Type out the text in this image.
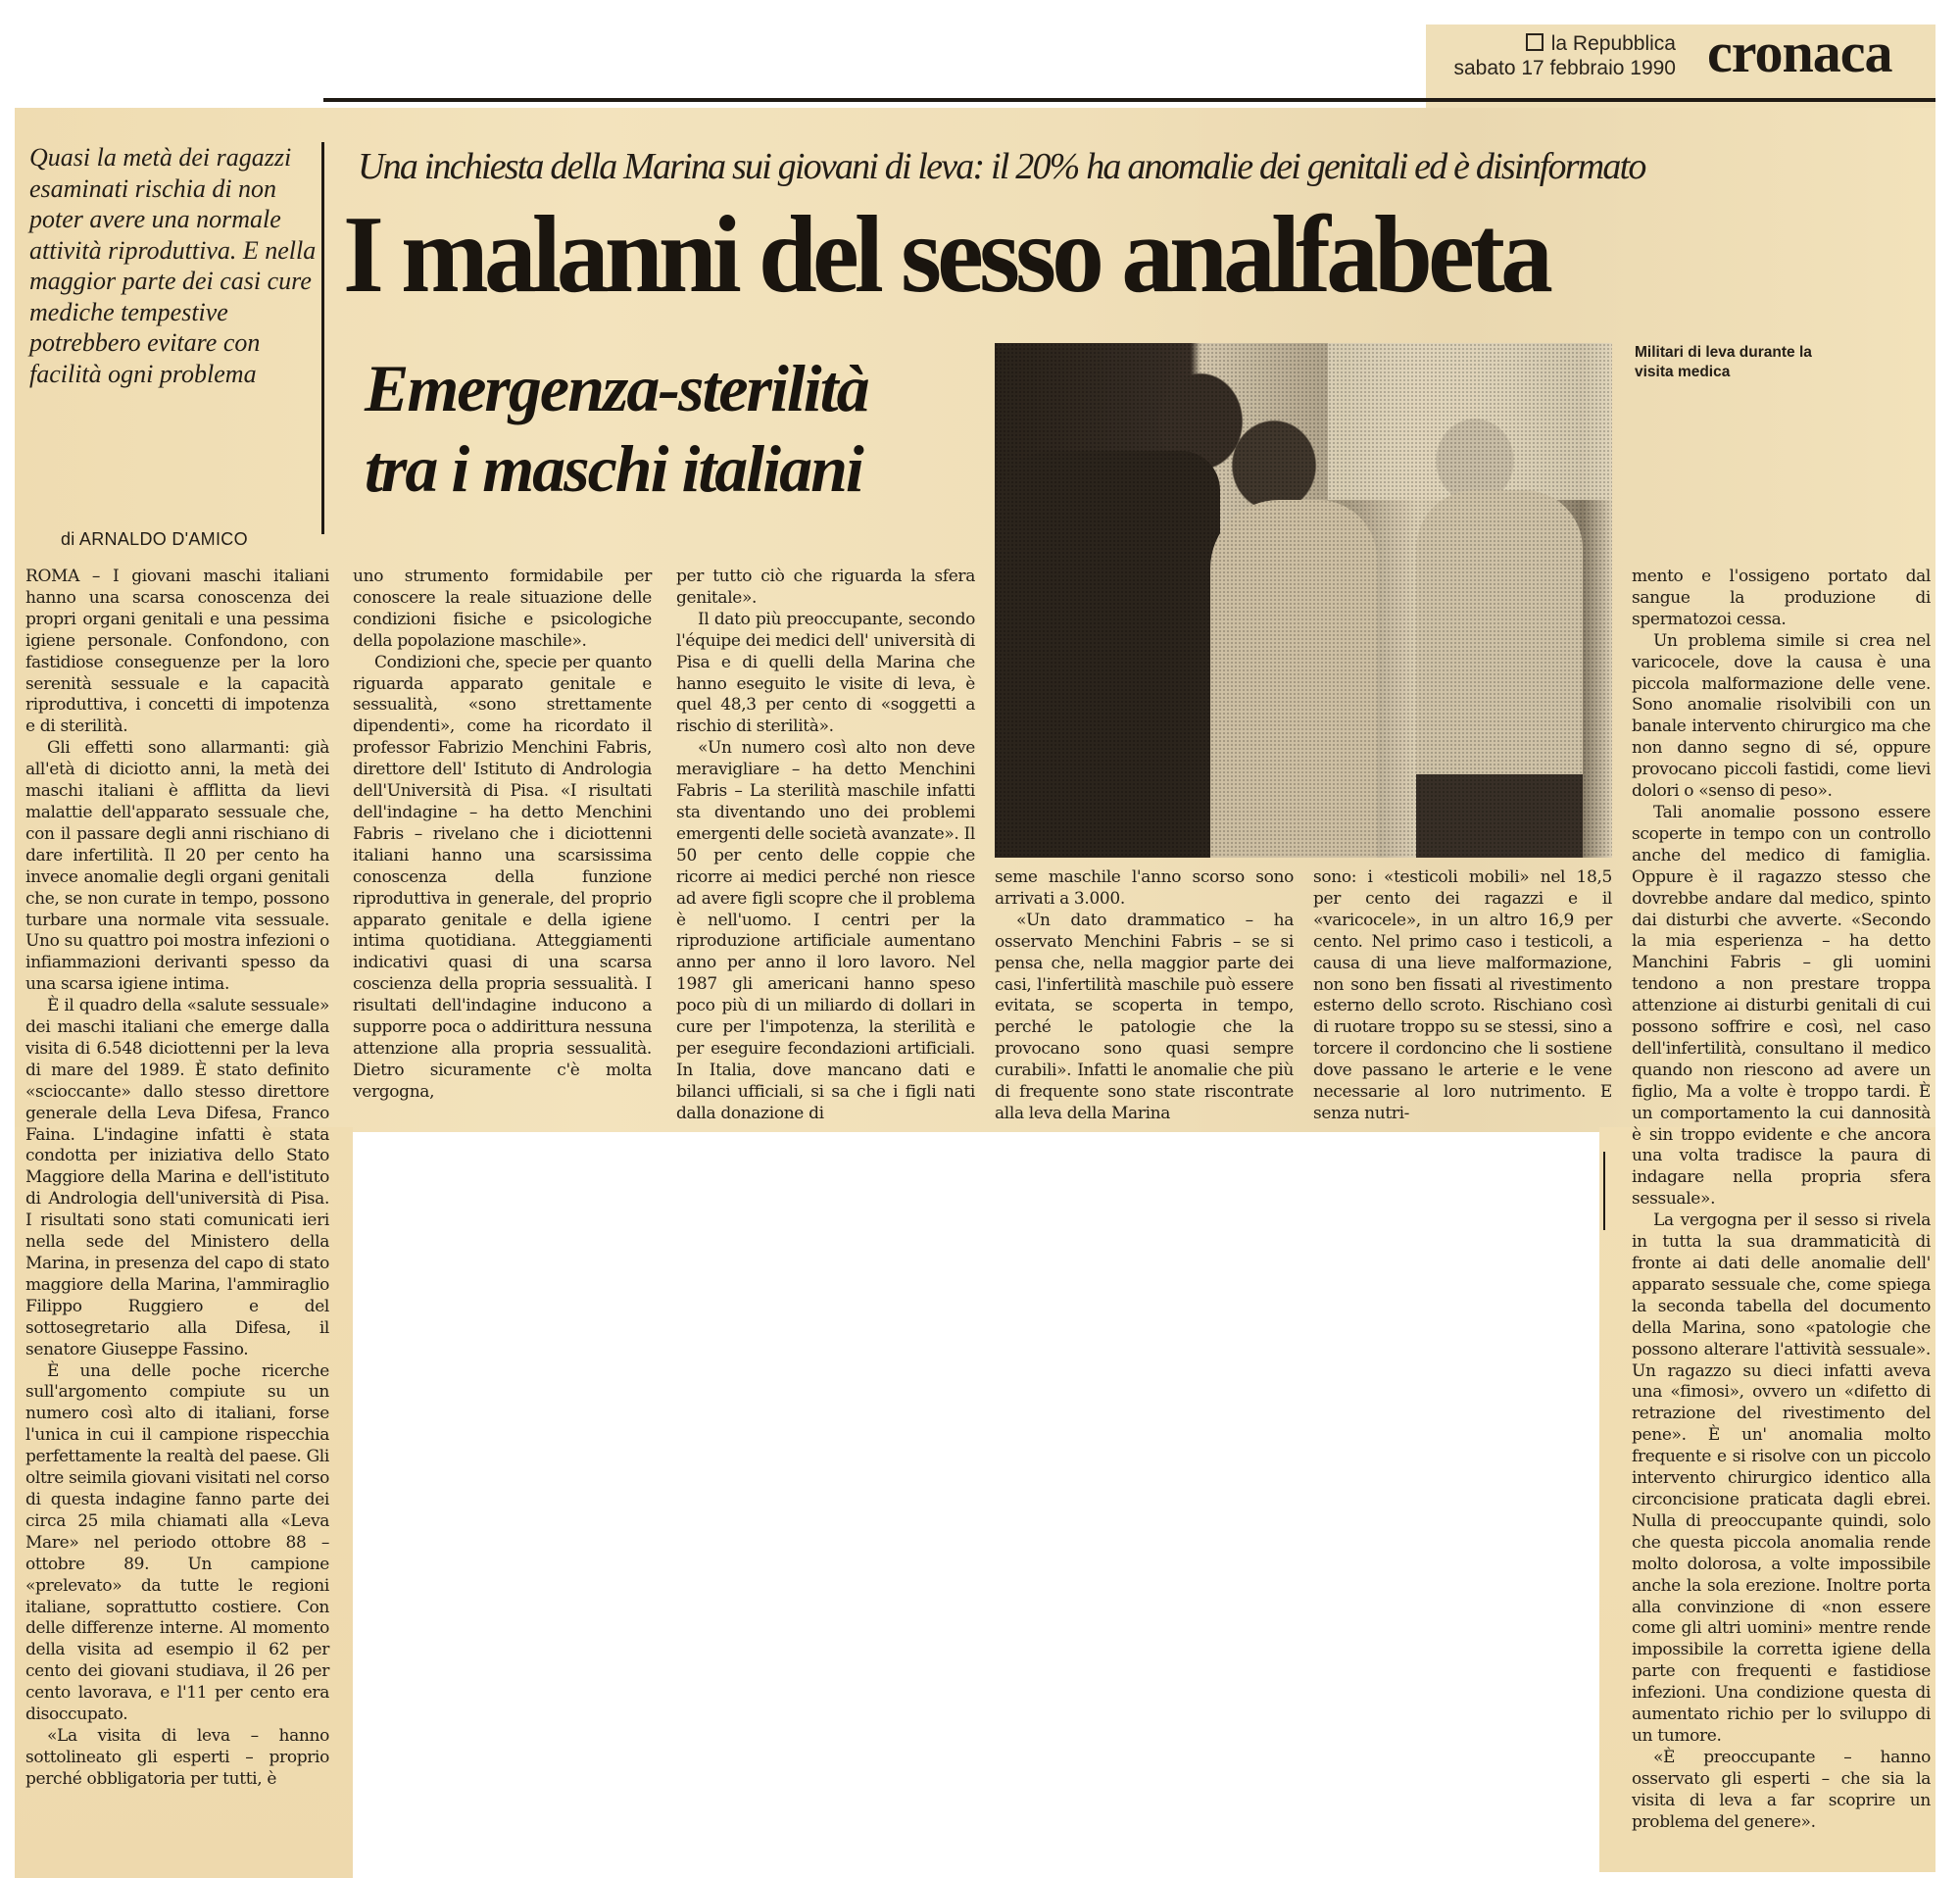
la Repubblica
sabato 17 febbraio 1990 cronaca
Quasi la metà dei ragazzi esaminati rischia di non poter avere una normale attività riproduttiva. E nella maggior parte dei casi cure mediche tempestive potrebbero evitare con facilità ogni problema
Una inchiesta della Marina sui giovani di leva: il 20% ha anomalie dei genitali ed è disinformato
I malanni del sesso analfabeta
Emergenza-sterilità
tra i maschi italiani
di ARNALDO D'AMICO
Militari di leva durante la visita medica

ROMA – I giovani maschi italiani hanno una scarsa conoscenza dei propri organi genitali e una pessima igiene personale. Confondono, con fastidiose conseguenze per la loro serenità sessuale e la capacità riproduttiva, i concetti di impotenza e di sterilità.

Gli effetti sono allarmanti: già all'età di diciotto anni, la metà dei maschi italiani è afflitta da lievi malattie dell'apparato sessuale che, con il passare degli anni rischiano di dare infertilità. Il 20 per cento ha invece anomalie degli organi genitali che, se non curate in tempo, possono turbare una normale vita sessuale. Uno su quattro poi mostra infezioni o infiammazioni derivanti spesso da una scarsa igiene intima.

È il quadro della «salute sessuale» dei maschi italiani che emerge dalla visita di 6.548 diciottenni per la leva di mare del 1989. È stato definito «scioccante» dallo stesso direttore generale della Leva Difesa, Franco Faina. L'indagine infatti è stata condotta per iniziativa dello Stato Maggiore della Marina e dell'istituto di Andrologia dell'università di Pisa. I risultati sono stati comunicati ieri nella sede del Ministero della Marina, in presenza del capo di stato maggiore della Marina, l'ammiraglio Filippo Ruggiero e del sottosegretario alla Difesa, il senatore Giuseppe Fassino.

È una delle poche ricerche sull'argomento compiute su un numero così alto di italiani, forse l'unica in cui il campione rispecchia perfettamente la realtà del paese. Gli oltre seimila giovani visitati nel corso di questa indagine fanno parte dei circa 25 mila chiamati alla «Leva Mare» nel periodo ottobre 88 – ottobre 89. Un campione «prelevato» da tutte le regioni italiane, soprattutto costiere. Con delle differenze interne. Al momento della visita ad esempio il 62 per cento dei giovani studiava, il 26 per cento lavorava, e l'11 per cento era disoccupato.

«La visita di leva – hanno sottolineato gli esperti – proprio perché obbligatoria per tutti, è

uno strumento formidabile per conoscere la reale situazione delle condizioni fisiche e psicologiche della popolazione maschile».

Condizioni che, specie per quanto riguarda apparato genitale e sessualità, «sono strettamente dipendenti», come ha ricordato il professor Fabrizio Menchini Fabris, direttore dell' Istituto di Andrologia dell'Università di Pisa. «I risultati dell'indagine – ha detto Menchini Fabris – rivelano che i diciottenni italiani hanno una scarsissima conoscenza della funzione riproduttiva in generale, del proprio apparato genitale e della igiene intima quotidiana. Atteggiamenti indicativi quasi di una scarsa coscienza della propria sessualità. I risultati dell'indagine inducono a supporre poca o addirittura nessuna attenzione alla propria sessualità. Dietro sicuramente c'è molta vergogna,

per tutto ciò che riguarda la sfera genitale».

Il dato più preoccupante, secondo l'équipe dei medici dell' università di Pisa e di quelli della Marina che hanno eseguito le visite di leva, è quel 48,3 per cento di «soggetti a rischio di sterilità».

«Un numero così alto non deve meravigliare – ha detto Menchini Fabris – La sterilità maschile infatti sta diventando uno dei problemi emergenti delle società avanzate». Il 50 per cento delle coppie che ricorre ai medici perché non riesce ad avere figli scopre che il problema è nell'uomo. I centri per la riproduzione artificiale aumentano anno per anno il loro lavoro. Nel 1987 gli americani hanno speso poco più di un miliardo di dollari in cure per l'impotenza, la sterilità e per eseguire fecondazioni artificiali. In Italia, dove mancano dati e bilanci ufficiali, si sa che i figli nati dalla donazione di

seme maschile l'anno scorso sono arrivati a 3.000.

«Un dato drammatico – ha osservato Menchini Fabris – se si pensa che, nella maggior parte dei casi, l'infertilità maschile può essere evitata, se scoperta in tempo, perché le patologie che la provocano sono quasi sempre curabili». Infatti le anomalie che più di frequente sono state riscontrate alla leva della Marina

sono: i «testicoli mobili» nel 18,5 per cento dei ragazzi e il «varicocele», in un altro 16,9 per cento. Nel primo caso i testicoli, a causa di una lieve malformazione, non sono ben fissati al rivestimento esterno dello scroto. Rischiano così di ruotare troppo su se stessi, sino a torcere il cordoncino che li sostiene dove passano le arterie e le vene necessarie al loro nutrimento. E senza nutri-

mento e l'ossigeno portato dal sangue la produzione di spermatozoi cessa.

Un problema simile si crea nel varicocele, dove la causa è una piccola malformazione delle vene. Sono anomalie risolvibili con un banale intervento chirurgico ma che non danno segno di sé, oppure provocano piccoli fastidi, come lievi dolori o «senso di peso».

Tali anomalie possono essere scoperte in tempo con un controllo anche del medico di famiglia. Oppure è il ragazzo stesso che dovrebbe andare dal medico, spinto dai disturbi che avverte. «Secondo la mia esperienza – ha detto Manchini Fabris – gli uomini tendono a non prestare troppa attenzione ai disturbi genitali di cui possono soffrire e così, nel caso dell'infertilità, consultano il medico quando non riescono ad avere un figlio, Ma a volte è troppo tardi. È un comportamento la cui dannosità è sin troppo evidente e che ancora una volta tradisce la paura di indagare nella propria sfera sessuale».

La vergogna per il sesso si rivela in tutta la sua drammaticità di fronte ai dati delle anomalie dell' apparato sessuale che, come spiega la seconda tabella del documento della Marina, sono «patologie che possono alterare l'attività sessuale». Un ragazzo su dieci infatti aveva una «fimosi», ovvero un «difetto di retrazione del rivestimento del pene». È un' anomalia molto frequente e si risolve con un piccolo intervento chirurgico identico alla circoncisione praticata dagli ebrei. Nulla di preoccupante quindi, solo che questa piccola anomalia rende molto dolorosa, a volte impossibile anche la sola erezione. Inoltre porta alla convinzione di «non essere come gli altri uomini» mentre rende impossibile la corretta igiene della parte con frequenti e fastidiose infezioni. Una condizione questa di aumentato richio per lo sviluppo di un tumore.

«È preoccupante – hanno osservato gli esperti – che sia la visita di leva a far scoprire un problema del genere».
